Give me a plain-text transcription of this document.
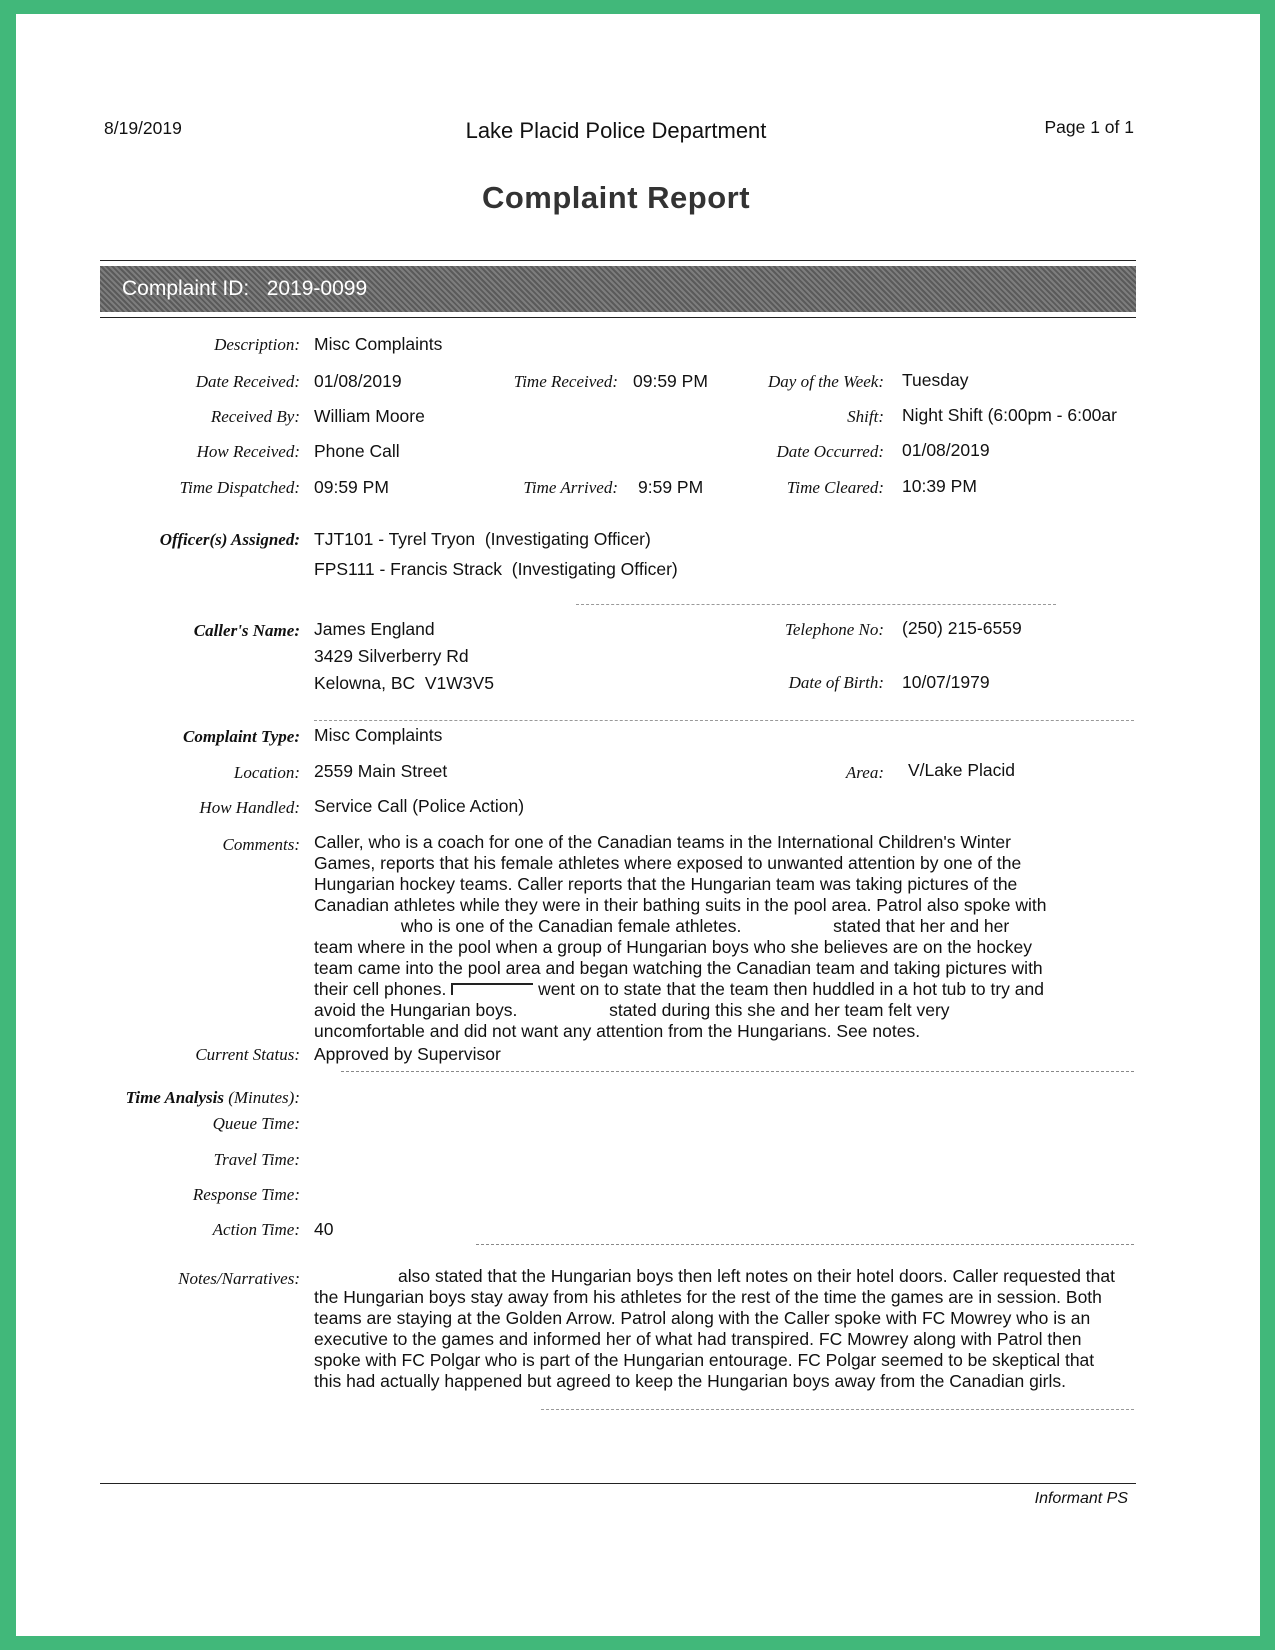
8/19/2019	Lake Placid Police Department	Page 1 of 1
Complaint Report
Complaint ID:   2019-0099
Description: Misc Complaints
Date Received: 01/08/2019	Time Received: 09:59 PM	Day of the Week: Tuesday
Received By: William Moore	Shift: Night Shift (6:00pm - 6:00ar
How Received: Phone Call	Date Occurred: 01/08/2019
Time Dispatched: 09:59 PM	Time Arrived: 9:59 PM	Time Cleared: 10:39 PM
Officer(s) Assigned: TJT101 - Tyrel Tryon  (Investigating Officer)
FPS111 - Francis Strack  (Investigating Officer)
Caller's Name: James England
3429 Silverberry Rd
Kelowna, BC  V1W3V5
Telephone No: (250) 215-6559
Date of Birth: 10/07/1979
Complaint Type: Misc Complaints
Location: 2559 Main Street	Area: V/Lake Placid
How Handled: Service Call (Police Action)
Comments: Caller, who is a coach for one of the Canadian teams in the International Children's Winter Games, reports that his female athletes where exposed to unwanted attention by one of the Hungarian hockey teams. Caller reports that the Hungarian team was taking pictures of the Canadian athletes while they were in their bathing suits in the pool area. Patrol also spoke with  who is one of the Canadian female athletes.	stated that her and her team where in the pool when a group of Hungarian boys who she believes are on the hockey team came into the pool area and began watching the Canadian team and taking pictures with their cell phones.	went on to state that the team then huddled in a hot tub to try and avoid the Hungarian boys.	stated during this she and her team felt very uncomfortable and did not want any attention from the Hungarians. See notes.
Current Status: Approved by Supervisor
Time Analysis (Minutes):
Queue Time:
Travel Time:
Response Time:
Action Time: 40
Notes/Narratives:	also stated that the Hungarian boys then left notes on their hotel doors. Caller requested that the Hungarian boys stay away from his athletes for the rest of the time the games are in session. Both teams are staying at the Golden Arrow. Patrol along with the Caller spoke with FC Mowrey who is an executive to the games and informed her of what had transpired. FC Mowrey along with Patrol then spoke with FC Polgar who is part of the Hungarian entourage. FC Polgar seemed to be skeptical that this had actually happened but agreed to keep the Hungarian boys away from the Canadian girls.
Informant PS
